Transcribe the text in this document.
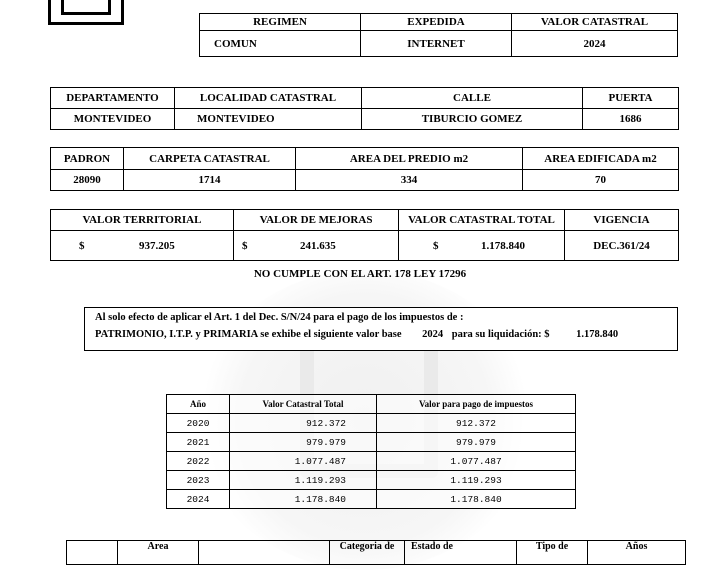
REGIMEN	EXPEDIDA	VALOR CATASTRAL
COMUN	INTERNET	2024
DEPARTAMENTO	LOCALIDAD CATASTRAL	CALLE	PUERTA
MONTEVIDEO	MONTEVIDEO	TIBURCIO GOMEZ	1686
PADRON	CARPETA CATASTRAL	AREA DEL PREDIO m2	AREA EDIFICADA m2
28090	1714	334	70
VALOR TERRITORIAL	VALOR DE MEJORAS	VALOR CATASTRAL TOTAL	VIGENCIA
$ 937.205	$ 241.635	$ 1.178.840	DEC.361/24
NO CUMPLE CON EL ART. 178 LEY 17296
Al solo efecto de aplicar el Art. 1 del Dec. S/N/24 para el pago de los impuestos de :
PATRIMONIO, I.T.P. y PRIMARIA se exhibe el siguiente valor base 2024 para su liquidación: $	1.178.840
Año	Valor Catastral Total	Valor para pago de impuestos
2020	912.372	912.372
2021	979.979	979.979
2022	1.077.487	1.077.487
2023	1.119.293	1.119.293
2024	1.178.840	1.178.840
	Area		Categoria de	Estado de	Tipo de	Años
